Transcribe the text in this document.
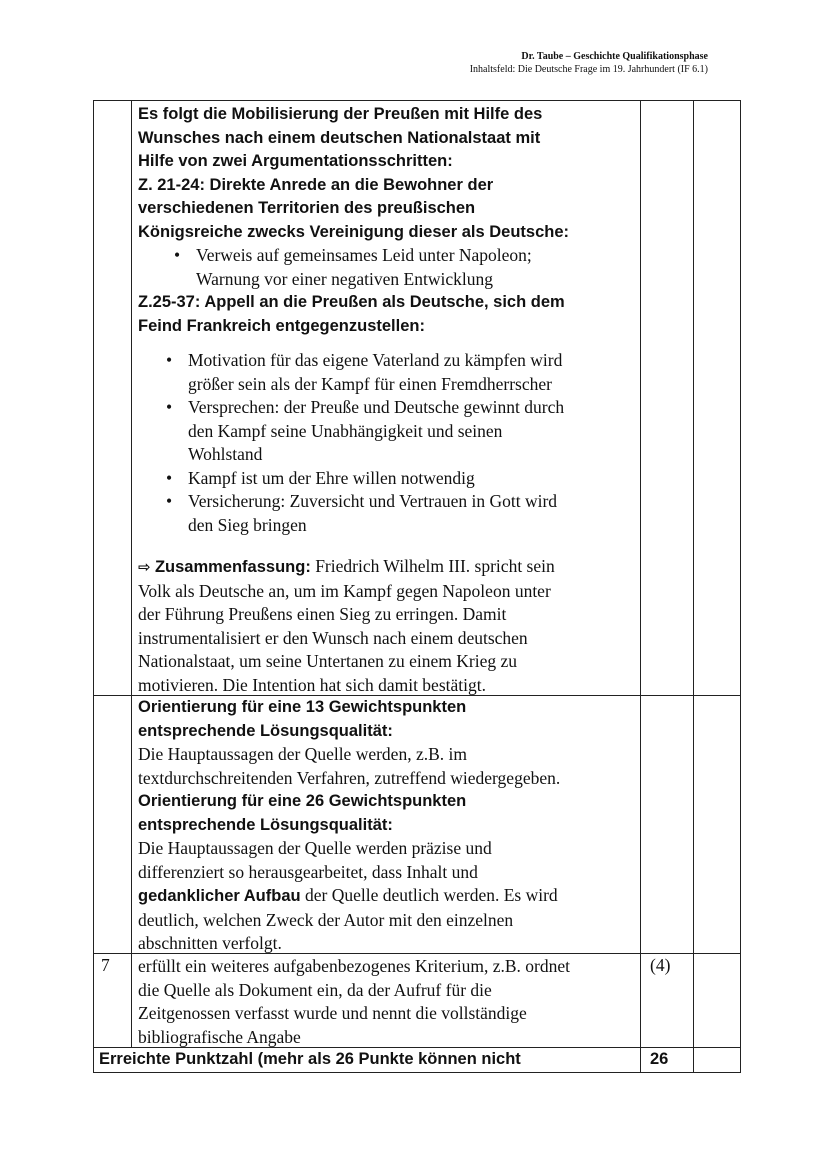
Dr. Taube – Geschichte Qualifikationsphase
Inhaltsfeld: Die Deutsche Frage im 19. Jahrhundert (IF 6.1)
Es folgt die Mobilisierung der Preußen mit Hilfe des
Wunsches nach einem deutschen Nationalstaat mit
Hilfe von zwei Argumentationsschritten:
Z. 21-24: Direkte Anrede an die Bewohner der
verschiedenen Territorien des preußischen
Königsreiche zwecks Vereinigung dieser als Deutsche:
• Verweis auf gemeinsames Leid unter Napoleon;
Warnung vor einer negativen Entwicklung
Z.25-37: Appell an die Preußen als Deutsche, sich dem
Feind Frankreich entgegenzustellen:
• Motivation für das eigene Vaterland zu kämpfen wird
größer sein als der Kampf für einen Fremdherrscher
• Versprechen: der Preuße und Deutsche gewinnt durch
den Kampf seine Unabhängigkeit und seinen
Wohlstand
• Kampf ist um der Ehre willen notwendig
• Versicherung: Zuversicht und Vertrauen in Gott wird
den Sieg bringen
⇨ Zusammenfassung: Friedrich Wilhelm III. spricht sein
Volk als Deutsche an, um im Kampf gegen Napoleon unter
der Führung Preußens einen Sieg zu erringen. Damit
instrumentalisiert er den Wunsch nach einem deutschen
Nationalstaat, um seine Untertanen zu einem Krieg zu
motivieren. Die Intention hat sich damit bestätigt.
Orientierung für eine 13 Gewichtspunkten
entsprechende Lösungsqualität:
Die Hauptaussagen der Quelle werden, z.B. im
textdurchschreitenden Verfahren, zutreffend wiedergegeben.
Orientierung für eine 26 Gewichtspunkten
entsprechende Lösungsqualität:
Die Hauptaussagen der Quelle werden präzise und
differenziert so herausgearbeitet, dass Inhalt und
gedanklicher Aufbau der Quelle deutlich werden. Es wird
deutlich, welchen Zweck der Autor mit den einzelnen
abschnitten verfolgt.
7 erfüllt ein weiteres aufgabenbezogenes Kriterium, z.B. ordnet
die Quelle als Dokument ein, da der Aufruf für die
Zeitgenossen verfasst wurde und nennt die vollständige
bibliografische Angabe
(4)
Erreichte Punktzahl (mehr als 26 Punkte können nicht	26
